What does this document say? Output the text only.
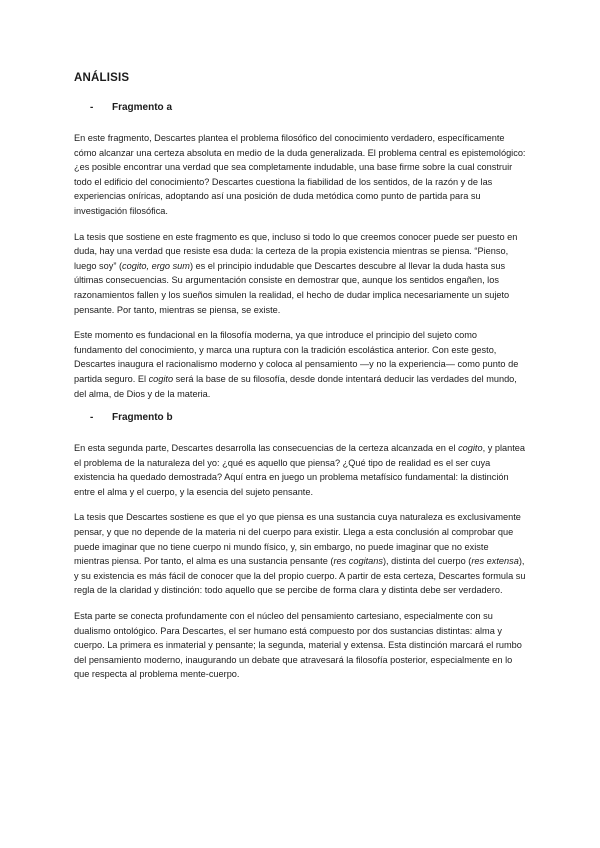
ANÁLISIS
-	Fragmento a

En este fragmento, Descartes plantea el problema filosófico del conocimiento verdadero, específicamente cómo alcanzar una certeza absoluta en medio de la duda generalizada. El problema central es epistemológico: ¿es posible encontrar una verdad que sea completamente indudable, una base firme sobre la cual construir todo el edificio del conocimiento? Descartes cuestiona la fiabilidad de los sentidos, de la razón y de las experiencias oníricas, adoptando así una posición de duda metódica como punto de partida para su investigación filosófica.

La tesis que sostiene en este fragmento es que, incluso si todo lo que creemos conocer puede ser puesto en duda, hay una verdad que resiste esa duda: la certeza de la propia existencia mientras se piensa. “Pienso, luego soy” (cogito, ergo sum) es el principio indudable que Descartes descubre al llevar la duda hasta sus últimas consecuencias. Su argumentación consiste en demostrar que, aunque los sentidos engañen, los razonamientos fallen y los sueños simulen la realidad, el hecho de dudar implica necesariamente un sujeto pensante. Por tanto, mientras se piensa, se existe.

Este momento es fundacional en la filosofía moderna, ya que introduce el principio del sujeto como fundamento del conocimiento, y marca una ruptura con la tradición escolástica anterior. Con este gesto, Descartes inaugura el racionalismo moderno y coloca al pensamiento —y no la experiencia— como punto de partida seguro. El cogito será la base de su filosofía, desde donde intentará deducir las verdades del mundo, del alma, de Dios y de la materia.

-	Fragmento b

En esta segunda parte, Descartes desarrolla las consecuencias de la certeza alcanzada en el cogito, y plantea el problema de la naturaleza del yo: ¿qué es aquello que piensa? ¿Qué tipo de realidad es el ser cuya existencia ha quedado demostrada? Aquí entra en juego un problema metafísico fundamental: la distinción entre el alma y el cuerpo, y la esencia del sujeto pensante.

La tesis que Descartes sostiene es que el yo que piensa es una sustancia cuya naturaleza es exclusivamente pensar, y que no depende de la materia ni del cuerpo para existir. Llega a esta conclusión al comprobar que puede imaginar que no tiene cuerpo ni mundo físico, y, sin embargo, no puede imaginar que no existe mientras piensa. Por tanto, el alma es una sustancia pensante (res cogitans), distinta del cuerpo (res extensa), y su existencia es más fácil de conocer que la del propio cuerpo. A partir de esta certeza, Descartes formula su regla de la claridad y distinción: todo aquello que se percibe de forma clara y distinta debe ser verdadero.

Esta parte se conecta profundamente con el núcleo del pensamiento cartesiano, especialmente con su dualismo ontológico. Para Descartes, el ser humano está compuesto por dos sustancias distintas: alma y cuerpo. La primera es inmaterial y pensante; la segunda, material y extensa. Esta distinción marcará el rumbo del pensamiento moderno, inaugurando un debate que atravesará la filosofía posterior, especialmente en lo que respecta al problema mente-cuerpo.
